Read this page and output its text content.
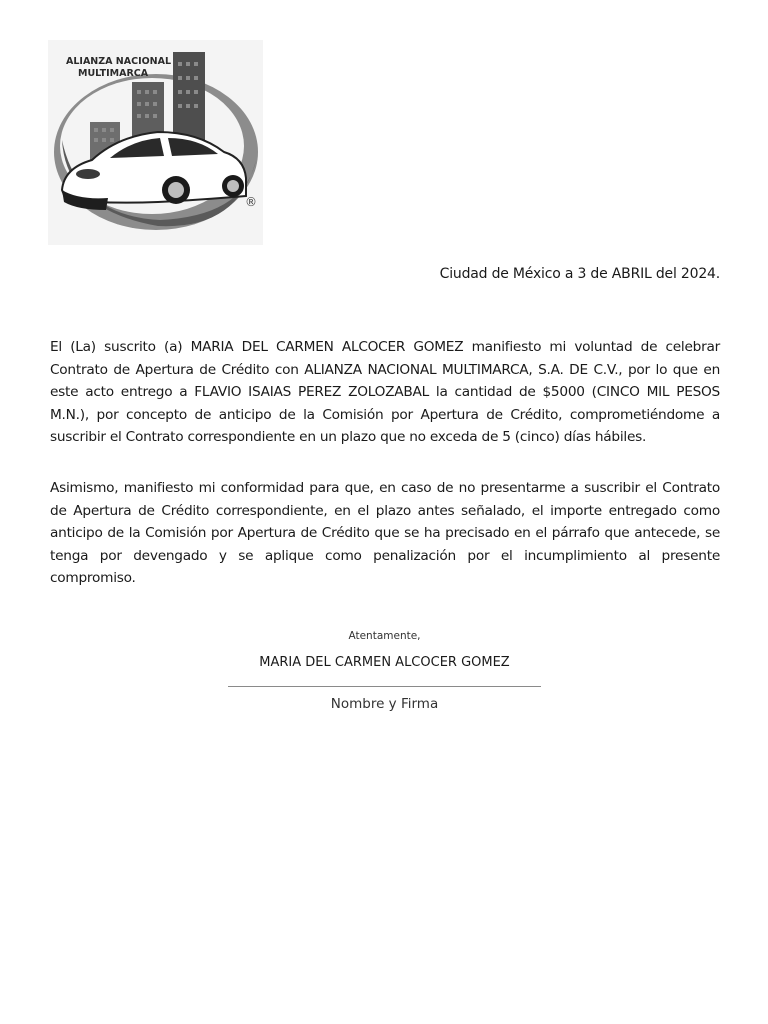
ALIANZA NACIONAL
MULTIMARCA
®
Ciudad de México a 3 de ABRIL del 2024.

El (La) suscrito (a) MARIA DEL CARMEN ALCOCER GOMEZ manifiesto mi voluntad de celebrar Contrato de Apertura de Crédito con ALIANZA NACIONAL MULTIMARCA, S.A. DE C.V., por lo que en este acto entrego a FLAVIO ISAIAS PEREZ ZOLOZABAL la cantidad de $5000 (CINCO MIL PESOS M.N.), por concepto de anticipo de la Comisión por Apertura de Crédito, comprometiéndome a suscribir el Contrato correspondiente en un plazo que no exceda de 5 (cinco) días hábiles.

Asimismo, manifiesto mi conformidad para que, en caso de no presentarme a suscribir el Contrato de Apertura de Crédito correspondiente, en el plazo antes señalado, el importe entregado como anticipo de la Comisión por Apertura de Crédito que se ha precisado en el párrafo que antecede, se tenga por devengado y se aplique como penalización por el incumplimiento al presente compromiso.

Atentamente,
MARIA DEL CARMEN ALCOCER GOMEZ
Nombre y Firma
